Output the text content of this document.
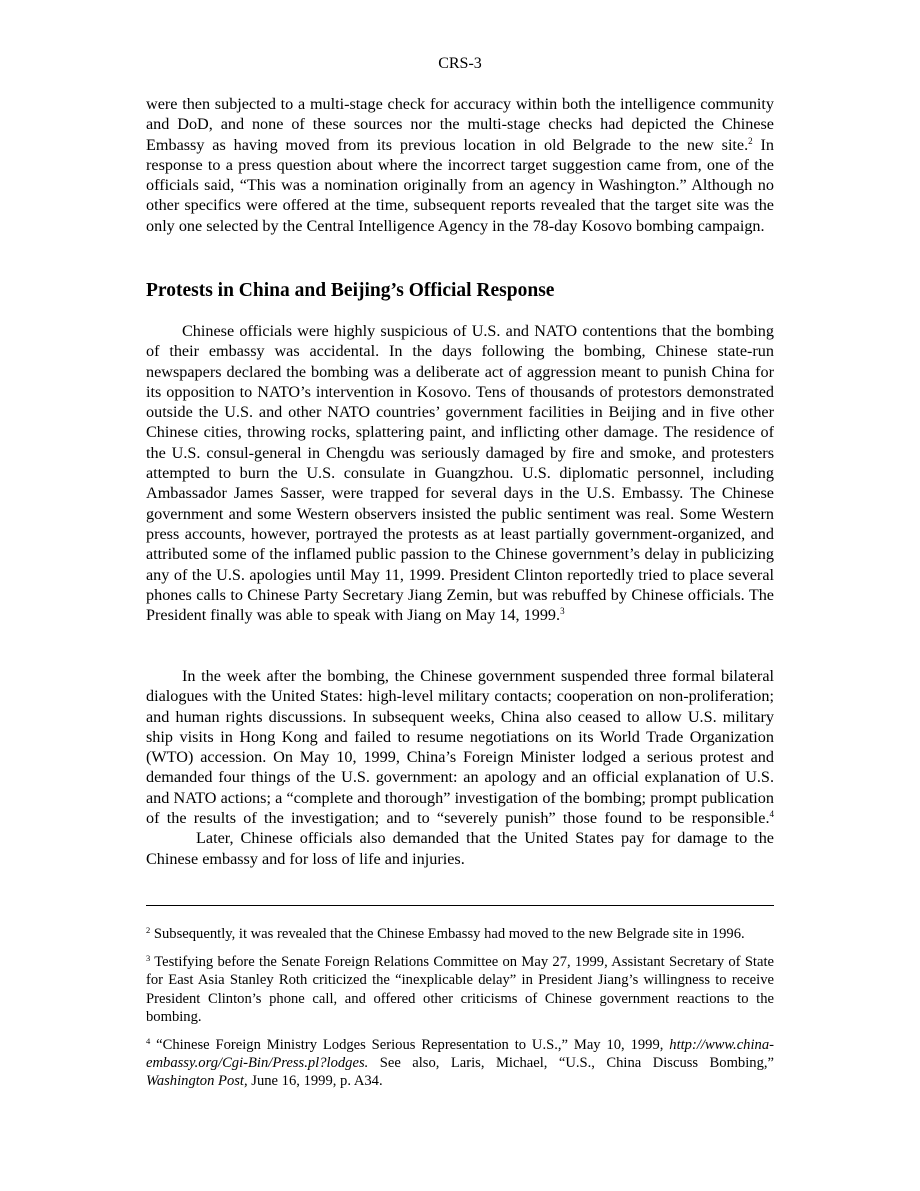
CRS-3

were then subjected to a multi-stage check for accuracy within both the intelligence community and DoD, and none of these sources nor the multi-stage checks had depicted the Chinese Embassy as having moved from its previous location in old Belgrade to the new site.$^2$ In response to a press question about where the incorrect target suggestion came from, one of the officials said, “This was a nomination originally from an agency in Washington.” Although no other specifics were offered at the time, subsequent reports revealed that the target site was the only one selected by the Central Intelligence Agency in the 78-day Kosovo bombing campaign.

Protests in China and Beijing’s Official Response

Chinese officials were highly suspicious of U.S. and NATO contentions that the bombing of their embassy was accidental. In the days following the bombing, Chinese state-run newspapers declared the bombing was a deliberate act of aggression meant to punish China for its opposition to NATO’s intervention in Kosovo. Tens of thousands of protestors demonstrated outside the U.S. and other NATO countries’ government facilities in Beijing and in five other Chinese cities, throwing rocks, splattering paint, and inflicting other damage. The residence of the U.S. consul-general in Chengdu was seriously damaged by fire and smoke, and protesters attempted to burn the U.S. consulate in Guangzhou. U.S. diplomatic personnel, including Ambassador James Sasser, were trapped for several days in the U.S. Embassy. The Chinese government and some Western observers insisted the public sentiment was real. Some Western press accounts, however, portrayed the protests as at least partially government-organized, and attributed some of the inflamed public passion to the Chinese government’s delay in publicizing any of the U.S. apologies until May 11, 1999. President Clinton reportedly tried to place several phones calls to Chinese Party Secretary Jiang Zemin, but was rebuffed by Chinese officials. The President finally was able to speak with Jiang on May 14, 1999.$^3$

In the week after the bombing, the Chinese government suspended three formal bilateral dialogues with the United States: high-level military contacts; cooperation on non-proliferation; and human rights discussions. In subsequent weeks, China also ceased to allow U.S. military ship visits in Hong Kong and failed to resume negotiations on its World Trade Organization (WTO) accession. On May 10, 1999, China’s Foreign Minister lodged a serious protest and demanded four things of the U.S. government: an apology and an official explanation of U.S. and NATO actions; a “complete and thorough” investigation of the bombing; prompt publication of the results of the investigation; and to “severely punish” those found to be responsible.$^4$Later, Chinese officials also demanded that the United States pay for damage to the Chinese embassy and for loss of life and injuries.

$^2$ Subsequently, it was revealed that the Chinese Embassy had moved to the new Belgrade site in 1996.

$^3$ Testifying before the Senate Foreign Relations Committee on May 27, 1999, Assistant Secretary of State for East Asia Stanley Roth criticized the “inexplicable delay” in President Jiang’s willingness to receive President Clinton’s phone call, and offered other criticisms of Chinese government reactions to the bombing.

$^4$ “Chinese Foreign Ministry Lodges Serious Representation to U.S.,” May 10, 1999, http://www.china-embassy.org/Cgi-Bin/Press.pl?lodges. See also, Laris, Michael, “U.S., China Discuss Bombing,” Washington Post, June 16, 1999, p. A34.
